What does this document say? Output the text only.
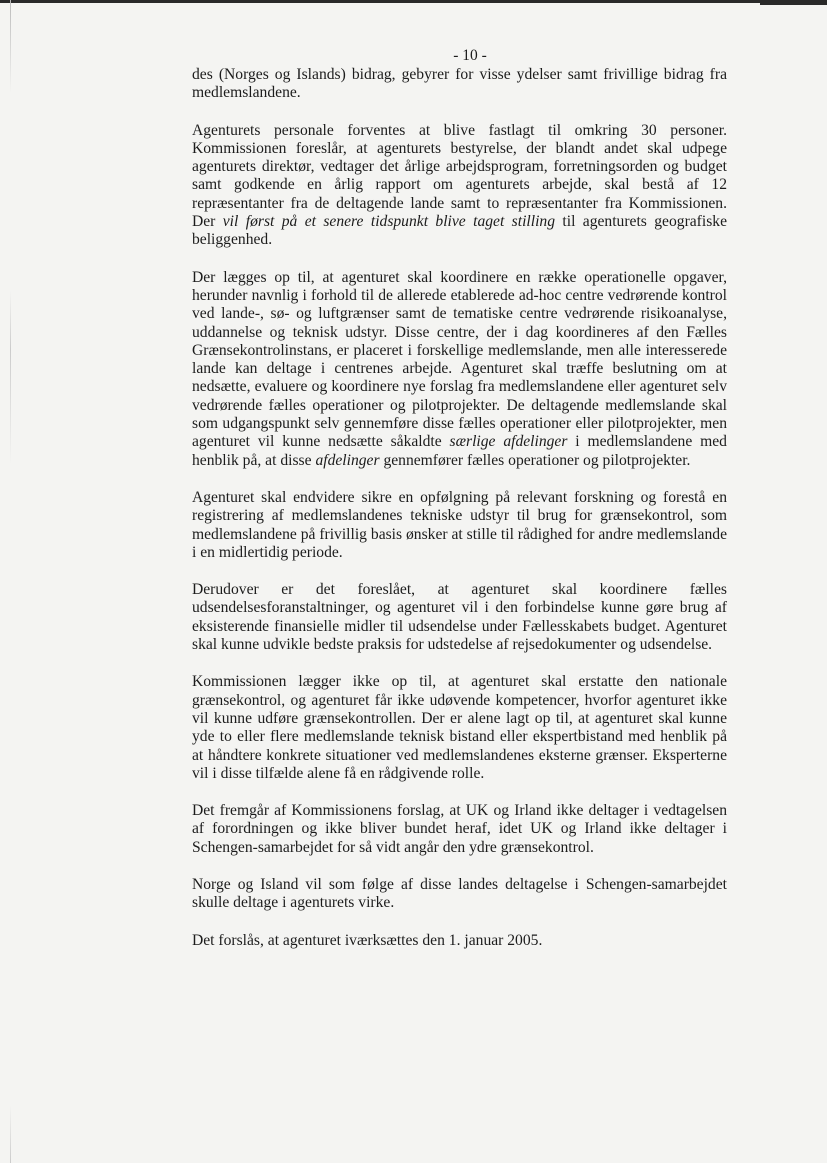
- 10 -

des (Norges og Islands) bidrag, gebyrer for visse ydelser samt frivillige bidrag fra medlemslandene.

Agenturets personale forventes at blive fastlagt til omkring 30 personer. Kommissionen foreslår, at agenturets bestyrelse, der blandt andet skal udpege agenturets direktør, vedtager det årlige arbejdsprogram, forretningsorden og budget samt godkende en årlig rapport om agenturets arbejde, skal bestå af 12 repræsentanter fra de deltagende lande samt to repræsentanter fra Kommissionen. Der vil først på et senere tidspunkt blive taget stilling til agenturets geografiske beliggenhed.

Der lægges op til, at agenturet skal koordinere en række operationelle opgaver, herunder navnlig i forhold til de allerede etablerede ad-hoc centre vedrørende kontrol ved lande-, sø- og luftgrænser samt de tematiske centre vedrørende risikoanalyse, uddannelse og teknisk udstyr. Disse centre, der i dag koordineres af den Fælles Grænsekontrolinstans, er placeret i forskellige medlemslande, men alle interesserede lande kan deltage i centrenes arbejde. Agenturet skal træffe beslutning om at nedsætte, evaluere og koordinere nye forslag fra medlemslandene eller agenturet selv vedrørende fælles operationer og pilotprojekter. De deltagende medlemslande skal som udgangspunkt selv gennemføre disse fælles operationer eller pilotprojekter, men agenturet vil kunne nedsætte såkaldte særlige afdelinger i medlemslandene med henblik på, at disse afdelinger gennemfører fælles operationer og pilotprojekter.

Agenturet skal endvidere sikre en opfølgning på relevant forskning og forestå en registrering af medlemslandenes tekniske udstyr til brug for grænsekontrol, som medlemslandene på frivillig basis ønsker at stille til rådighed for andre medlemslande i en midlertidig periode.

Derudover er det foreslået, at agenturet skal koordinere fælles udsendelsesforanstaltninger, og agenturet vil i den forbindelse kunne gøre brug af eksisterende finansielle midler til udsendelse under Fællesskabets budget. Agenturet skal kunne udvikle bedste praksis for udstedelse af rejsedokumenter og udsendelse.

Kommissionen lægger ikke op til, at agenturet skal erstatte den nationale grænsekontrol, og agenturet får ikke udøvende kompetencer, hvorfor agenturet ikke vil kunne udføre grænsekontrollen. Der er alene lagt op til, at agenturet skal kunne yde to eller flere medlemslande teknisk bistand eller ekspertbistand med henblik på at håndtere konkrete situationer ved medlemslandenes eksterne grænser. Eksperterne vil i disse tilfælde alene få en rådgivende rolle.

Det fremgår af Kommissionens forslag, at UK og Irland ikke deltager i vedtagelsen af forordningen og ikke bliver bundet heraf, idet UK og Irland ikke deltager i Schengen-samarbejdet for så vidt angår den ydre grænsekontrol.

Norge og Island vil som følge af disse landes deltagelse i Schengen-samarbejdet skulle deltage i agenturets virke.

Det forslås, at agenturet iværksættes den 1. januar 2005.
